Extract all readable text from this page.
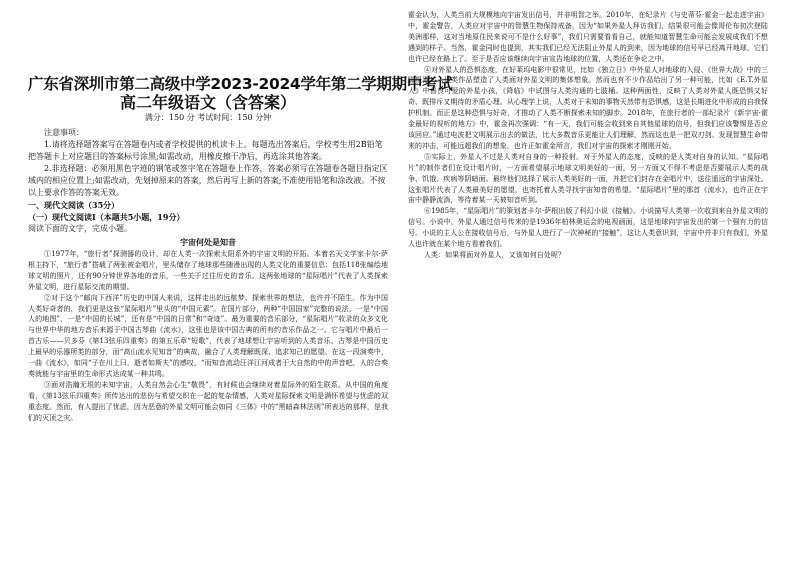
广东省深圳市第二高级中学2023-2024学年第二学期期中考试
高二年级语文（含答案）
满分：150 分 考试时间：150 分钟

注意事项：

1.请将选择题答案写在答题卷内或者学校提供的机读卡上。每题选出答案后，学校考生用2B铅笔把答题卡上对应题目的答案标号涂黑;如需改动，用橡皮擦干净后，再选涂其他答案。

2.非选择题：必须用黑色字迹的钢笔或签字笔在答题卷上作答，答案必须写在答题卷各题目指定区域内的相应位置上;如需改动，先划掉原来的答案，然后再写上新的答案;不准使用铅笔和涂改液。不按以上要求作答的答案无效。

一、现代文阅读（35分）

（一）现代文阅读Ⅰ（本题共5小题，19分）

阅读下面的文字，完成小题。

宇宙何处是知音

①1977年，“旅行者”探测器的设计，却在人类一次探索太阳系外的宇宙文明的开拓。本着名天文学家卡尔·萨根主持下，“旅行者”搭载了两张被金唱片，里头储存了地球那些随漫出现的人类文化的重要信息：包括118张编绘地球文明的照片，还有90分钟世界各地的音乐，一些关于过往历史的音乐。这两张地球的“星际唱片”代表了人类探索外星文明，进行星际交流的期望。

②对于这个“邮向下西洋”历史的中国人来说，这样走出的远航梦、探索世界的想法，也许并不陌生。作为中国人类好奇者的，我们更是这张“星际唱片”里头的“中国元素”。在国片部分，两种“中国国家”完整的说法，一是“中国人的地图”，一是“中国的长城”，还有是“中国的日常”和“奇迹”。最为重要的音乐部分，“星际唱片”收录的众多文化与世界中华的地方音乐来源于中国古琴曲《流水》，这张也是该中国古典的所有约音乐作品之一。它与唱片中最后一首古乐——贝多芬《第13弦乐四重奏》的第五乐章“短歌”，代表了地球想让宇宙听到的人类音乐。古琴是中国历史上最早的乐器所类的部分，而“高山流水见知音”的典故，融合了人类理解既深、追求知己的愿望。在这一段演奏中，一曲《流水》，如同“子在川上曰，逝者如斯夫”的感叹，“而知音流动汪洋江河成者于大自然的中的声音吧，人的合奏奏就能与宇宙里的生命形式达成某一种共鸣。

③面对浩瀚无垠的未知宇宙，人类自然会心生“敬畏”，有时候也会继续对着星际外的陌生联系。从中国的角度看，《第13弦乐四重奏》所传达出的悲伤与希望交织在一起的复杂情感，人类对星际探索文明是满怀希望与忧虑的双重态度。然而，有人提出了忧虑，因为恶意的外星文明可能会如同《三体》中的“黑暗森林法则”所表达的那样，是我们的灭顶之灾。

霍金认为，人类当前大规模地向宇宙发出信号，并非明智之举。2010年，在纪录片《与史蒂芬·霍金一起走进宇宙》中，霍金警告，人类应对宇宙中的智慧生物保持戒备，因为“如果外星人拜访我们，结果很可能会像哥伦布初次登陆美洲那样，这对当地原住民来说可不是什么好事”，我们只需要看看自己，就能知道智慧生命可能会发展成我们不想遇到的样子。当然，霍金同时也提到，其实我们已经无法阻止外星人的到来，因为地球的信号早已经离开地球，它们也许已经在路上了。至于是否应该继续向宇宙宣告地球的位置，人类还在争论之中。

④对外星人的恐惧态度，在好莱坞电影中很常见，比如《独立日》中外星人对地球的入侵、《世界大战》中的三脚机器……这类作品塑造了人类面对外星文明的集体想象。然而也有不少作品给出了另一种可能，比如《E.T.外星人》中善良可爱的外星小孩，《降临》中试图与人类沟通的七肢桶。这种两面性，反映了人类对外星人既恐惧又好奇、既排斥又期待的矛盾心理。从心理学上说，人类对于未知的事物天然带有恐惧感，这是长期进化中形成的自我保护机制。而正是这种恐惧与好奇，才推动了人类不断探索未知的脚步。2018年，在旅行者的一部纪录片《新宇宙·霍金最好的视听的地方》中，霍金再次强调：“有一天，我们可能会收到来自其他星球的信号，但我们应该警惕是否应该回应。”通过电波把文明展示出去的做法，比大多数音乐更能让人们理解，然而这也是一把双刃剑。发现智慧生命带来的冲击，可能远超我们的想象，也许正如霍金所言，我们对宇宙的探索才刚刚开始。

⑤实际上，外星人不过是人类对自身的一种投射。对于外星人的态度，反映的是人类对自身的认知。“星际唱片”的制作者们在设计唱片时，一方面希望展示地球文明美好的一面，另一方面又不得不考虑是否要展示人类的战争、饥饿、疾病等阴暗面。最终他们选择了展示人类美好的一面，并把它们封存在金唱片中，送往遥远的宇宙深处。这张唱片代表了人类最美好的愿望，也寄托着人类寻找宇宙知音的希望。“星际唱片”里的那首《流水》，也许正在宇宙中静静流淌，等待着某一天被知音听到。

⑥1985年，“星际唱片”的策划者卡尔·萨根出版了科幻小说《接触》。小说描写人类第一次收到来自外星文明的信号。小说中，外星人通过信号传来的是1936年柏林奥运会的电视画面，这是地球向宇宙发出的第一个强有力的信号。小说的主人公在接收信号后，与外星人进行了一次神秘的“接触”，这让人类意识到，宇宙中并非只有我们，外星人也许就在某个地方看着我们。

人类：如果将面对外星人，又该如何自处呢？
